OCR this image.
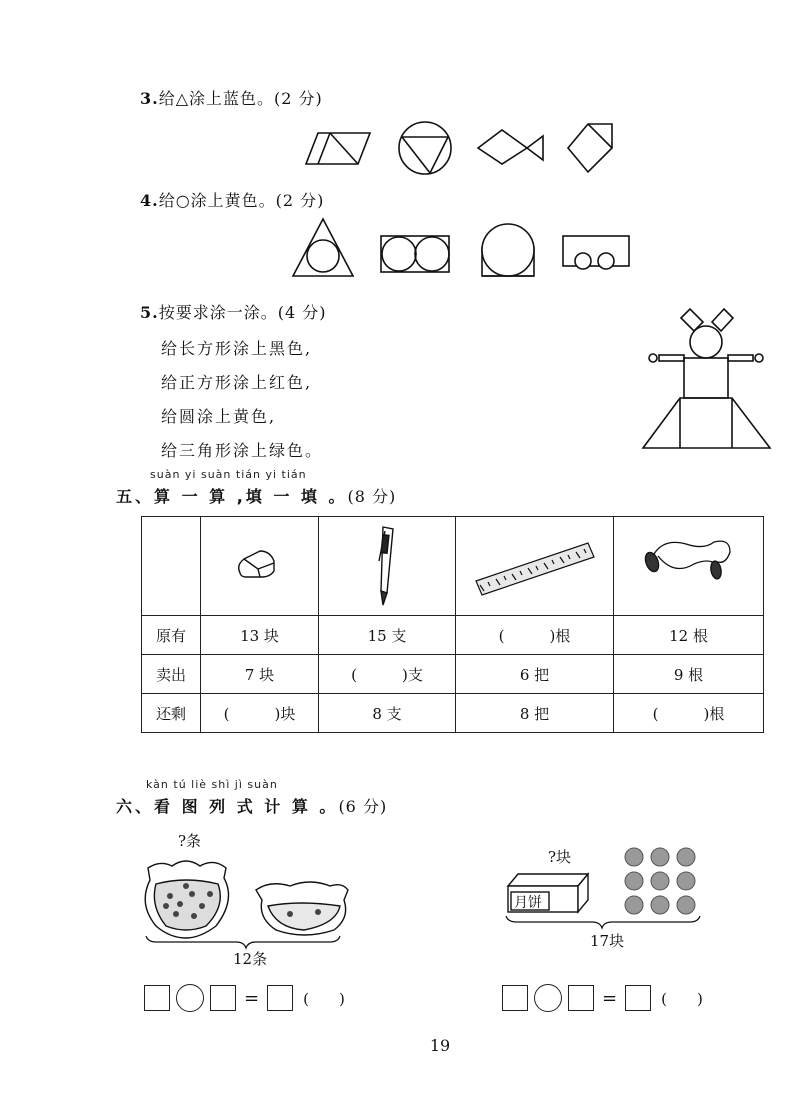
3.给△涂上蓝色。(2 分)
4.给○涂上黄色。(2 分)
5.按要求涂一涂。(4 分)
给长方形涂上黑色,
给正方形涂上红色,
给圆涂上黄色,
给三角形涂上绿色。
suàn yi suàn tián yi tián
五、算 一 算 ,填 一 填 。(8 分)

原有	13 块	15 支	(　　　)根	12 根
卖出	7 块	(　　　)支	6 把	9 根
还剩	(　　　)块	8 支	8 把	(　　　)根
kàn tú liè shì jì suàn
六、看 图 列 式 计 算 。(6 分)
?条
12条
=	(　　)
?块
月饼
17块
=	(　　)
19
